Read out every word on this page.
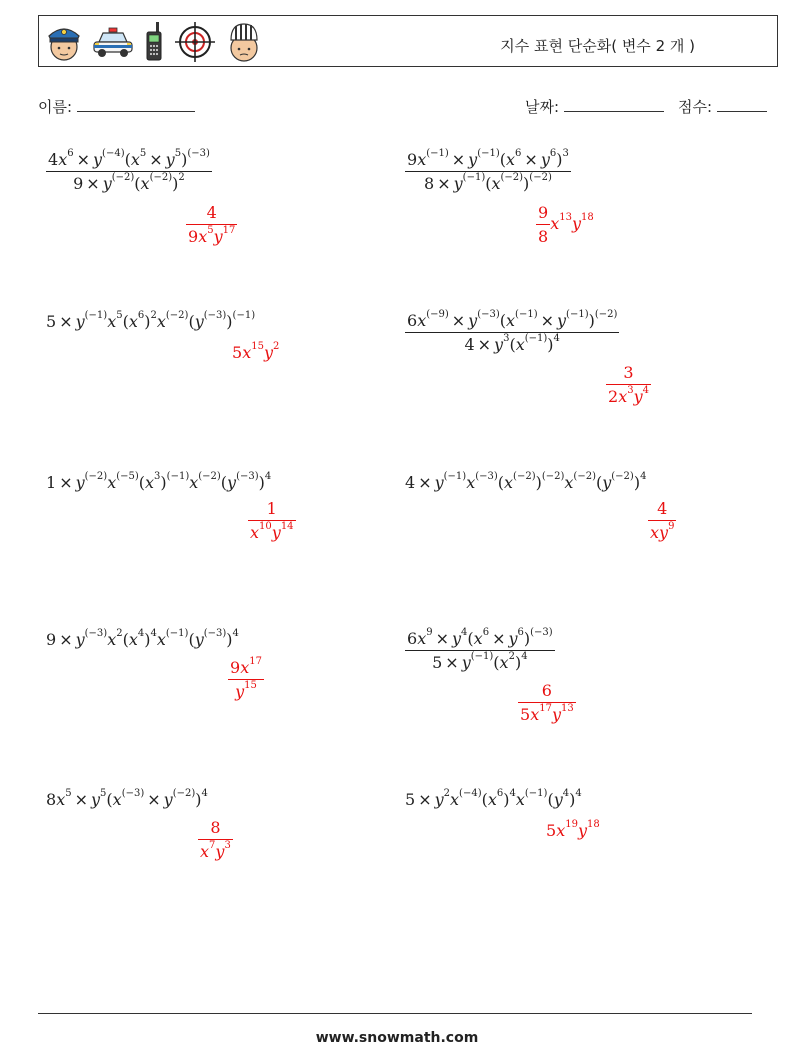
지수 표현 단순화( 변수 2 개 )
이름:	날짜:	점수:
$\frac{4x^6 \times y^{(-4)}(x^5 \times y^5)^{(-3)}}{9 \times y^{(-2)}(x^{(-2)})^2}$
$\frac{4}{9x^5y^{17}}$
$\frac{9x^{(-1)} \times y^{(-1)}(x^6 \times y^6)^3}{8 \times y^{(-1)}(x^{(-2)})^{(-2)}}$
$\frac{9}{8} x^{13}y^{18}$
$5 \times y^{(-1)}x^5(x^6)^2x^{(-2)}(y^{(-3)})^{(-1)}$
$5x^{15}y^2$	$\frac{6x^{(-9)} \times y^{(-3)}(x^{(-1)} \times y^{(-1)})^{(-2)}}{4 \times y^3(x^{(-1)})^4}$
$\frac{3}{2x^3y^4}$
$1 \times y^{(-2)}x^{(-5)}(x^3)^{(-1)}x^{(-2)}(y^{(-3)})^4$
$\frac{1}{x^{10}y^{14}}$
$4 \times y^{(-1)}x^{(-3)}(x^{(-2)})^{(-2)}x^{(-2)}(y^{(-2)})^4$
$\frac{4}{xy^9}$
$9 \times y^{(-3)}x^2(x^4)^4x^{(-1)}(y^{(-3)})^4$
$\frac{9x^{17}}{y^{15}}$
$\frac{6x^9 \times y^4(x^6 \times y^6)^{(-3)}}{5 \times y^{(-1)}(x^2)^4}$
$\frac{6}{5x^{17}y^{13}}$
$8x^5 \times y^5(x^{(-3)} \times y^{(-2)})^4$
$\frac{8}{x^7y^3}$
$5 \times y^2x^{(-4)}(x^6)^4x^{(-1)}(y^4)^4$
$5x^{19}y^{18}$
www.snowmath.com
